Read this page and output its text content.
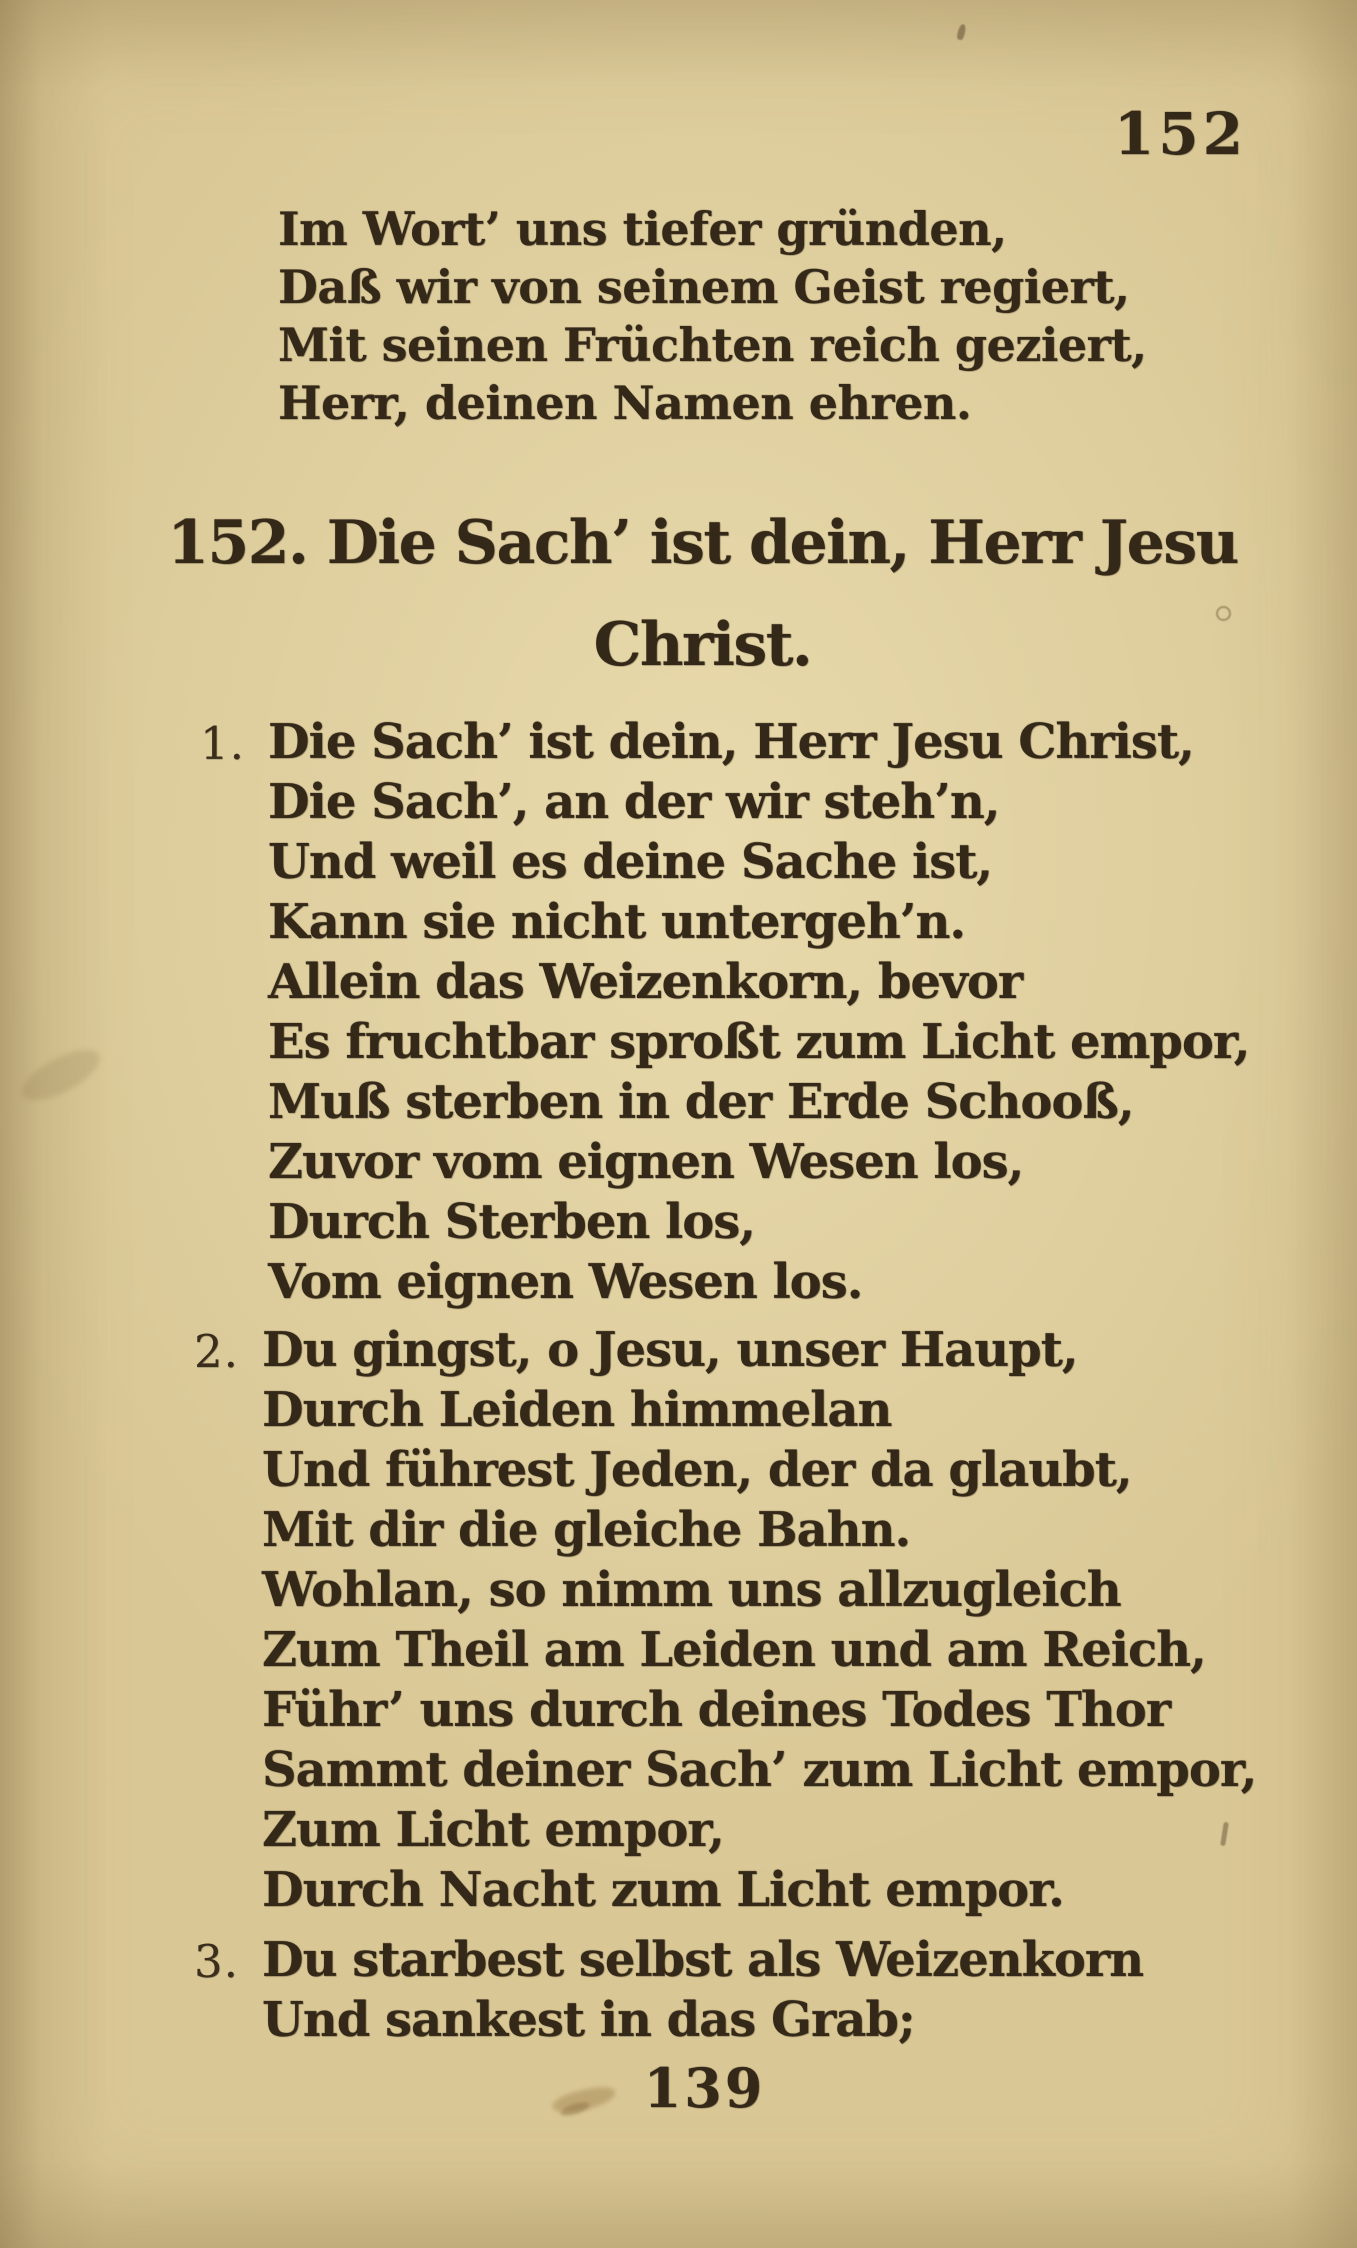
152
Im Wort’ uns tiefer gründen,
Daß wir von seinem Geist regiert,
Mit seinen Früchten reich geziert,
Herr, deinen Namen ehren.
152. Die Sach’ ist dein, Herr Jesu
Christ.
1. Die Sach’ ist dein, Herr Jesu Christ,
Die Sach’, an der wir steh’n,
Und weil es deine Sache ist,
Kann sie nicht untergeh’n.
Allein das Weizenkorn, bevor
Es fruchtbar sproßt zum Licht empor,
Muß sterben in der Erde Schooß,
Zuvor vom eignen Wesen los,
Durch Sterben los,
Vom eignen Wesen los.
2. Du gingst, o Jesu, unser Haupt,
Durch Leiden himmelan
Und führest Jeden, der da glaubt,
Mit dir die gleiche Bahn.
Wohlan, so nimm uns allzugleich
Zum Theil am Leiden und am Reich,
Führ’ uns durch deines Todes Thor
Sammt deiner Sach’ zum Licht empor,
Zum Licht empor,
Durch Nacht zum Licht empor.
3. Du starbest selbst als Weizenkorn
Und sankest in das Grab;
139
